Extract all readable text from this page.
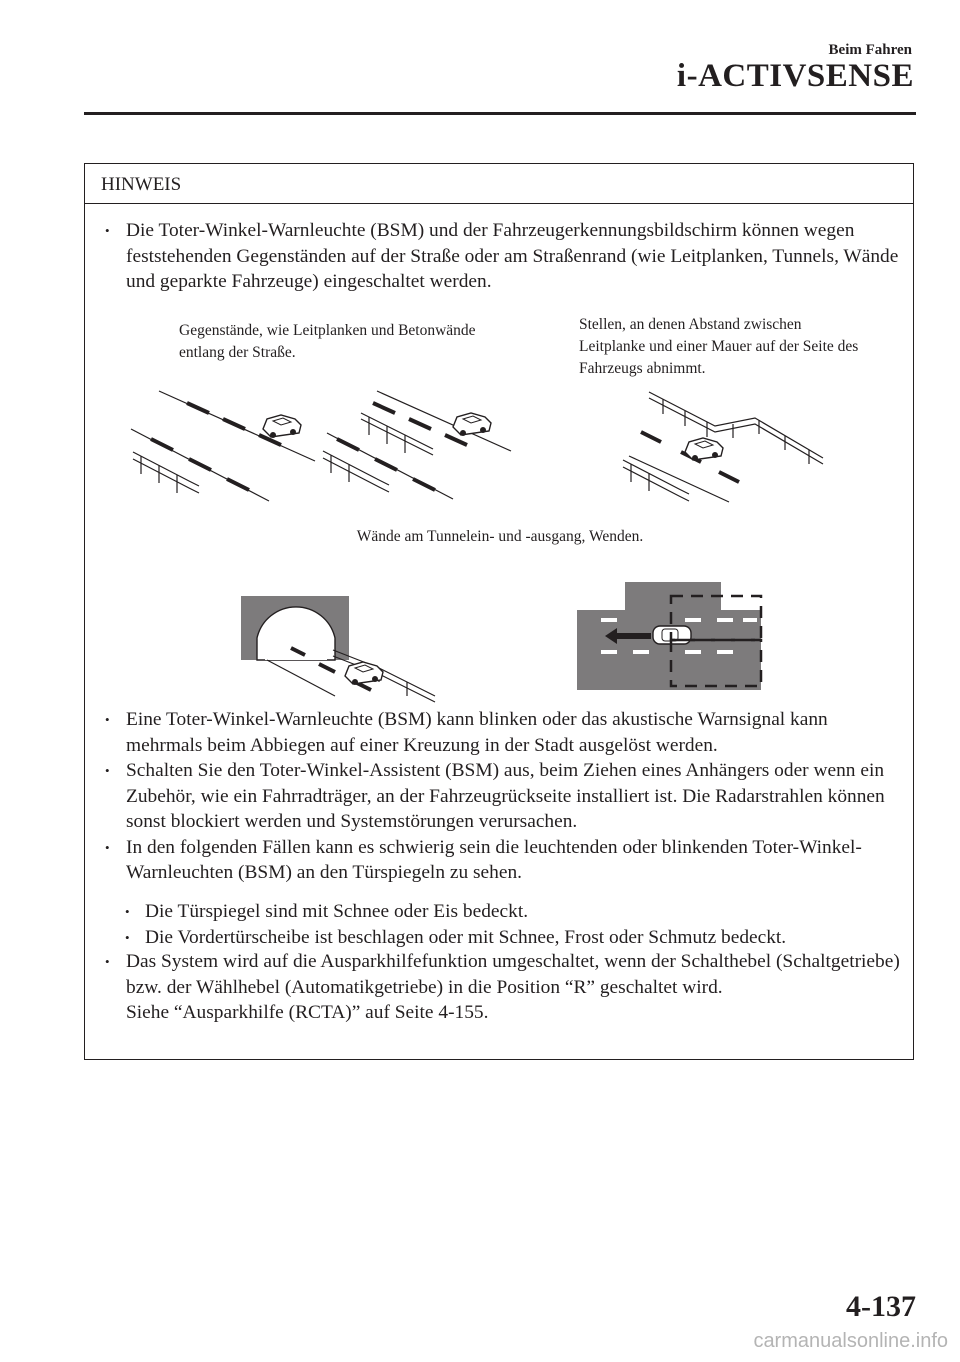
Beim Fahren
i-ACTIVSENSE
HINWEIS
• Die Toter-Winkel-Warnleuchte (BSM) und der Fahrzeugerkennungsbildschirm können wegen feststehenden Gegenständen auf der Straße oder am Straßenrand (wie Leitplanken, Tunnels, Wände und geparkte Fahrzeuge) eingeschaltet werden.
Gegenstände, wie Leitplanken und Betonwände entlang der Straße.
Stellen, an denen Abstand zwischen Leitplanke und einer Mauer auf der Seite des Fahrzeugs abnimmt.
Wände am Tunnelein- und -ausgang, Wenden.
• Eine Toter-Winkel-Warnleuchte (BSM) kann blinken oder das akustische Warnsignal kann mehrmals beim Abbiegen auf einer Kreuzung in der Stadt ausgelöst werden.
• Schalten Sie den Toter-Winkel-Assistent (BSM) aus, beim Ziehen eines Anhängers oder wenn ein Zubehör, wie ein Fahrradträger, an der Fahrzeugrückseite installiert ist. Die Radarstrahlen können sonst blockiert werden und Systemstörungen verursachen.
• In den folgenden Fällen kann es schwierig sein die leuchtenden oder blinkenden Toter-Winkel-Warnleuchten (BSM) an den Türspiegeln zu sehen.
• Die Türspiegel sind mit Schnee oder Eis bedeckt.
• Die Vordertürscheibe ist beschlagen oder mit Schnee, Frost oder Schmutz bedeckt.
• Das System wird auf die Ausparkhilfefunktion umgeschaltet, wenn der Schalthebel (Schaltgetriebe) bzw. der Wählhebel (Automatikgetriebe) in die Position “R” geschaltet wird.
Siehe “Ausparkhilfe (RCTA)” auf Seite 4-155.
4-137
carmanualsonline.info
